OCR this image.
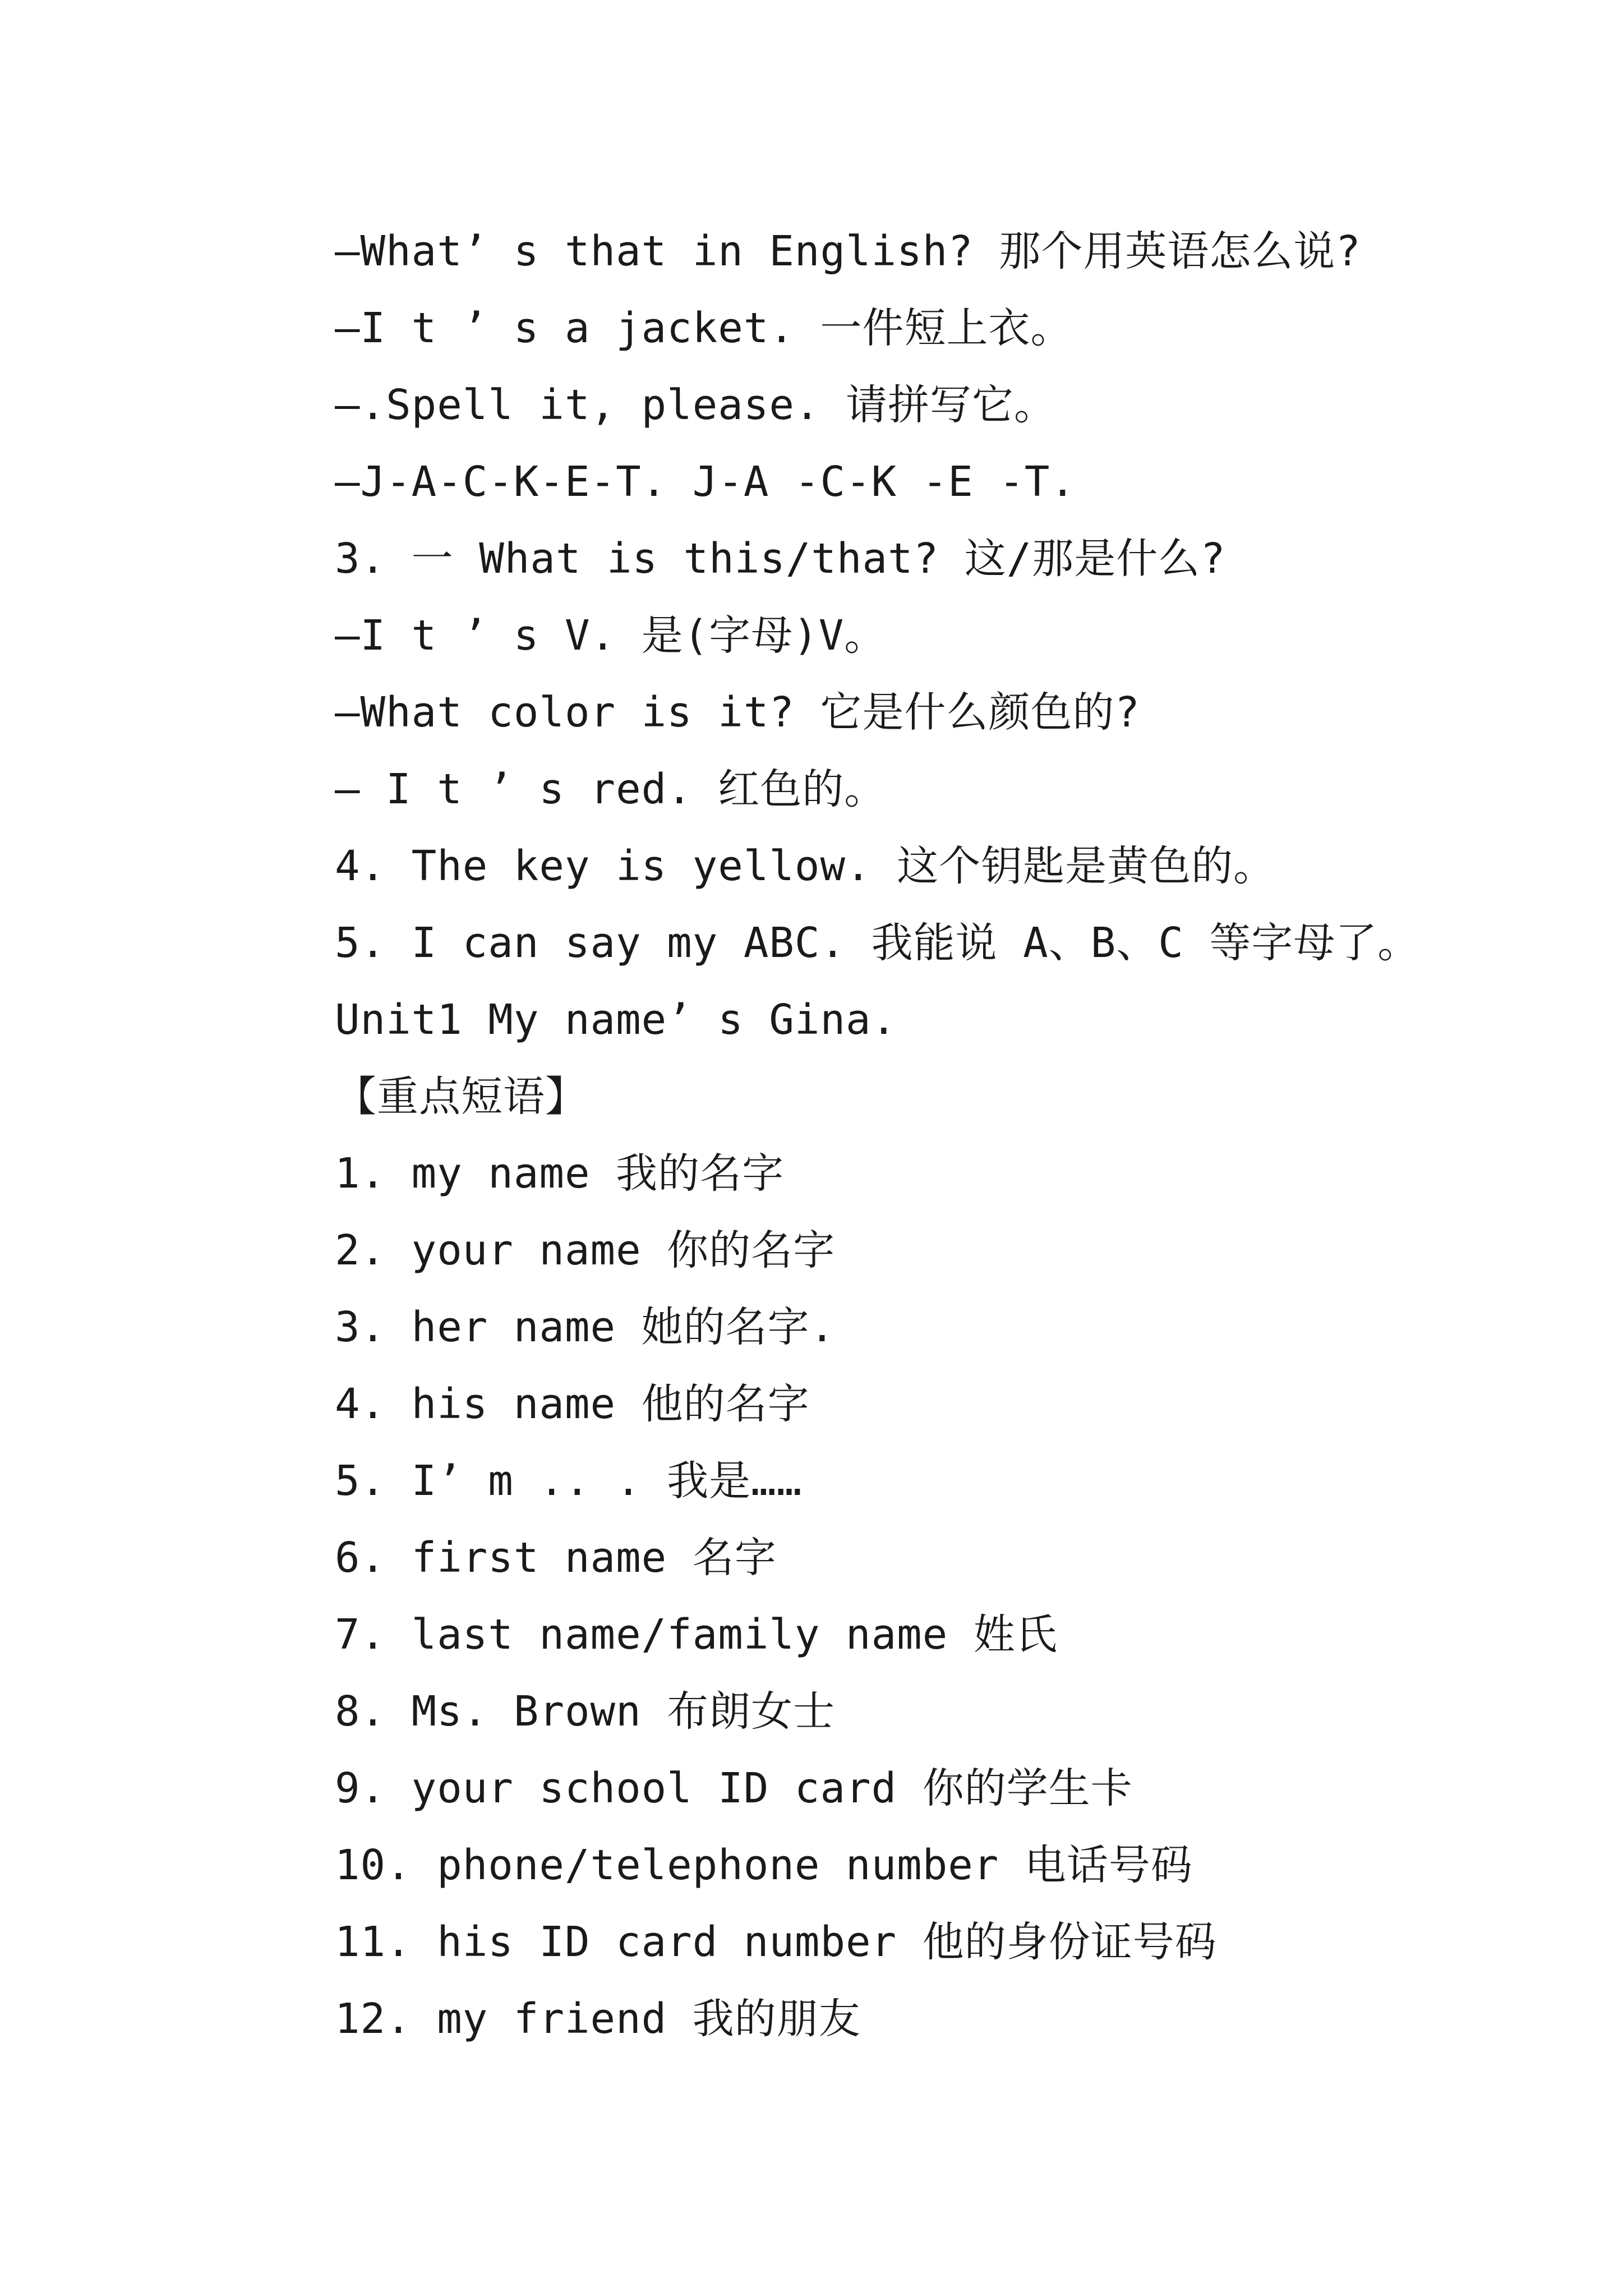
—What’ s that in English? 那个用英语怎么说?
—I t ’ s a jacket. 一件短上衣。
—.Spell it, please. 请拼写它。
—J-A-C-K-E-T. J-A -C-K -E -T.
3. 一 What is this/that? 这/那是什么?
—I t ’ s V. 是(字母)V。
—What color is it? 它是什么颜色的?
— I t ’ s red. 红色的。
4. The key is yellow. 这个钥匙是黄色的。
5. I can say my ABC. 我能说 A、B、C 等字母了。
Unit1 My name’ s Gina.
【重点短语】
1. my name 我的名字
2. your name 你的名字
3. her name 她的名字.
4. his name 他的名字
5. I’ m .. . 我是……
6. first name 名字
7. last name/family name 姓氏
8. Ms. Brown 布朗女士
9. your school ID card 你的学生卡
10. phone/telephone number 电话号码
11. his ID card number 他的身份证号码
12. my friend 我的朋友
